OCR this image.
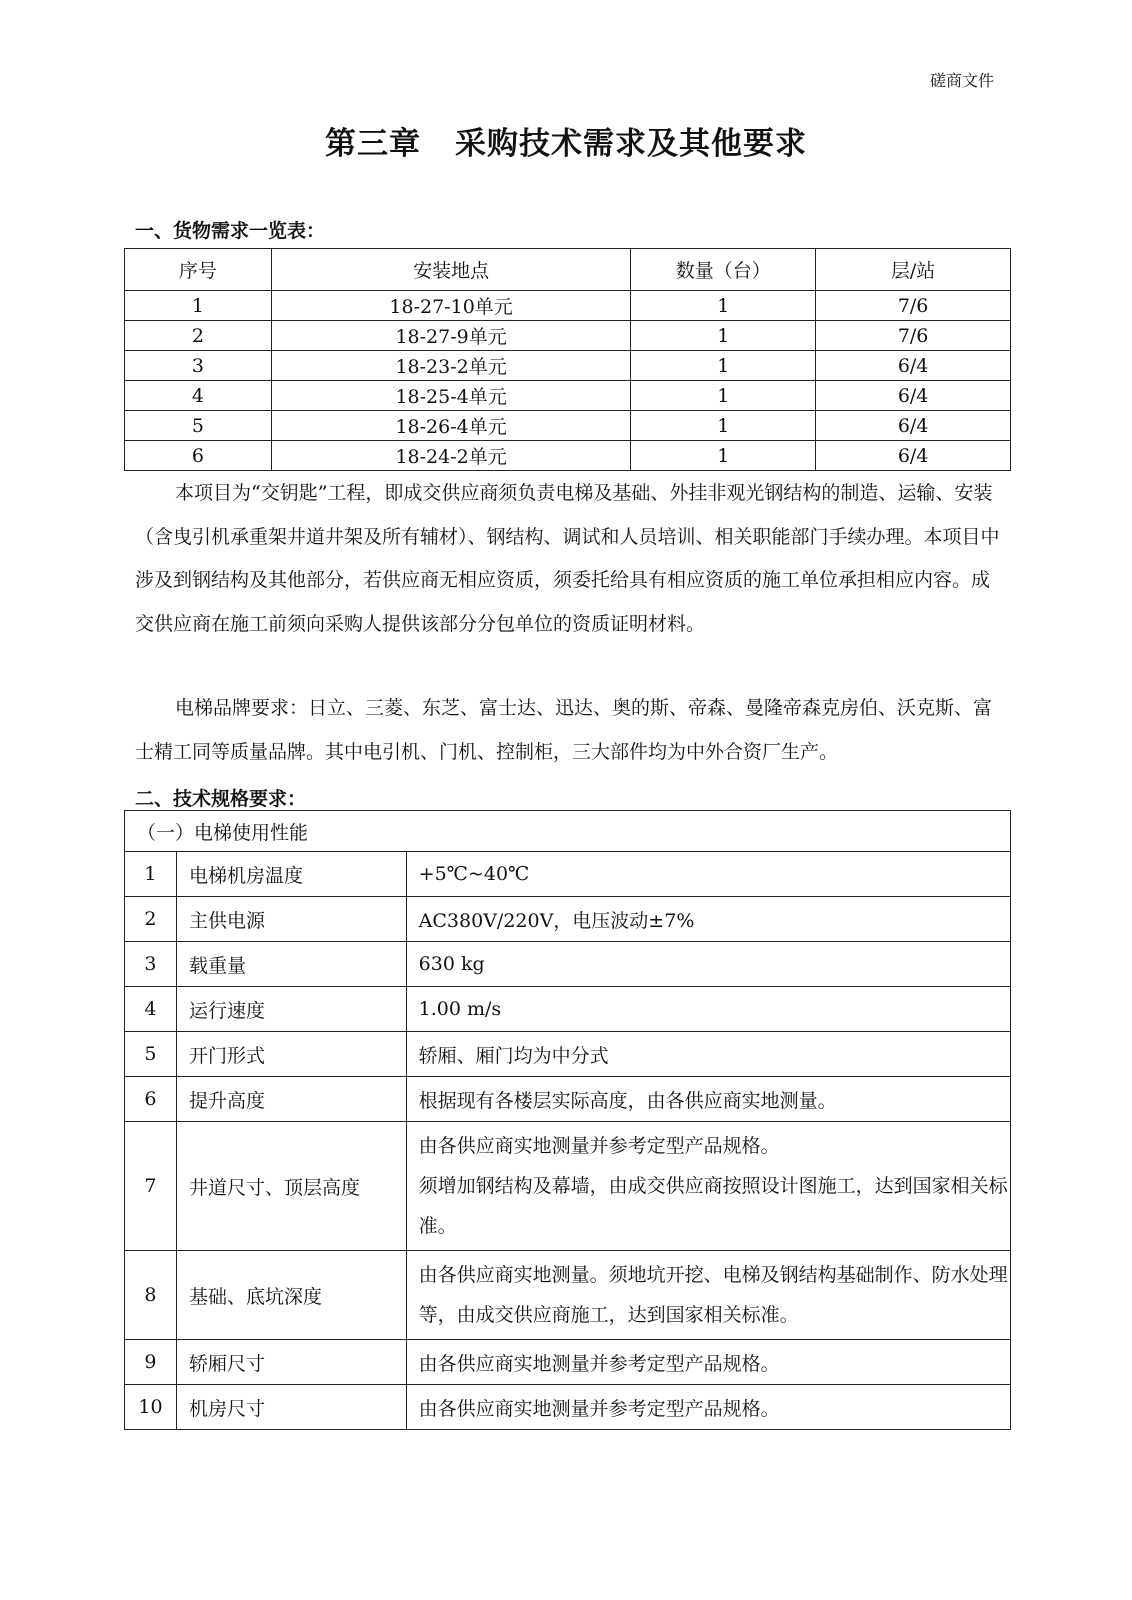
磋商文件
第三章 采购技术需求及其他要求
一、货物需求一览表：
序号	安装地点	数量（台）	层/站
1	18-27-10单元	1	7/6
2	18-27-9单元	1	7/6
3	18-23-2单元	1	6/4
4	18-25-4单元	1	6/4
5	18-26-4单元	1	6/4
6	18-24-2单元	1	6/4
本项目为“交钥匙”工程，即成交供应商须负责电梯及基础、外挂非观光钢结构的制造、运输、安装（含曳引机承重架井道井架及所有辅材）、钢结构、调试和人员培训、相关职能部门手续办理。本项目中涉及到钢结构及其他部分，若供应商无相应资质，须委托给具有相应资质的施工单位承担相应内容。成交供应商在施工前须向采购人提供该部分分包单位的资质证明材料。
电梯品牌要求：日立、三菱、东芝、富士达、迅达、奥的斯、帝森、曼隆帝森克房伯、沃克斯、富士精工同等质量品牌。其中电引机、门机、控制柜，三大部件均为中外合资厂生产。
二、技术规格要求：
（一）电梯使用性能		
1	电梯机房温度	+5℃~40℃
2	主供电源	AC380V/220V，电压波动±7%
3	载重量	630 kg
4	运行速度	1.00 m/s
5	开门形式	轿厢、厢门均为中分式
6	提升高度	根据现有各楼层实际高度，由各供应商实地测量。
7	井道尺寸、顶层高度	由各供应商实地测量并参考定型产品规格。
须增加钢结构及幕墙，由成交供应商按照设计图施工，达到国家相关标准。

8	基础、底坑深度	由各供应商实地测量。须地坑开挖、电梯及钢结构基础制作、防水处理等，由成交供应商施工，达到国家相关标准。
9	轿厢尺寸	由各供应商实地测量并参考定型产品规格。
10	机房尺寸	由各供应商实地测量并参考定型产品规格。
